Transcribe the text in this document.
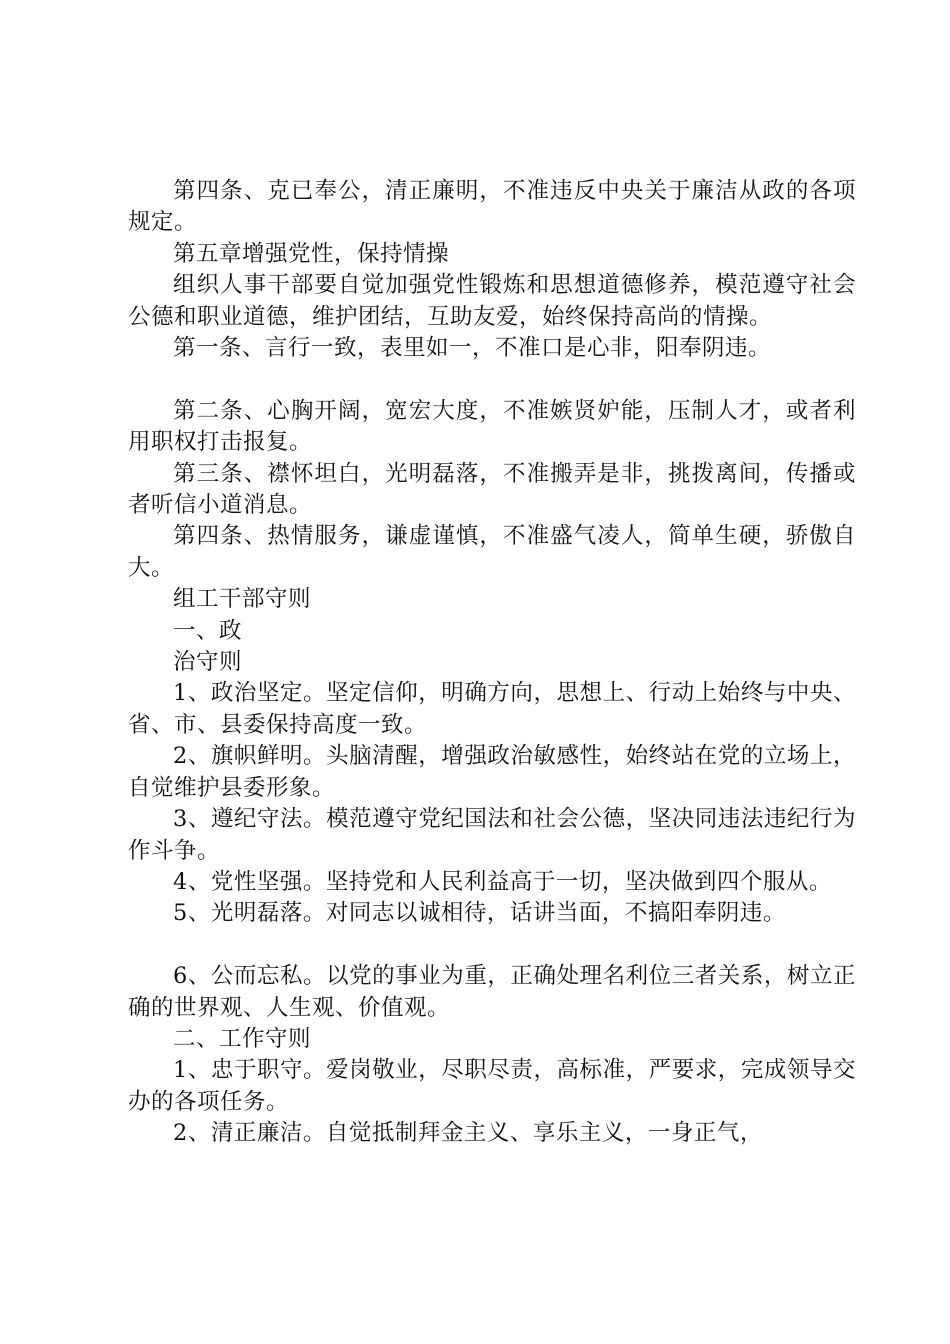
第四条、克已奉公，清正廉明，不准违反中央关于廉洁从政的各项规定。

第五章增强党性，保持情操

组织人事干部要自觉加强党性锻炼和思想道德修养，模范遵守社会公德和职业道德，维护团结，互助友爱，始终保持高尚的情操。

第一条、言行一致，表里如一，不准口是心非，阳奉阴违。

第二条、心胸开阔，宽宏大度，不准嫉贤妒能，压制人才，或者利用职权打击报复。

第三条、襟怀坦白，光明磊落，不准搬弄是非，挑拨离间，传播或者听信小道消息。

第四条、热情服务，谦虚谨慎，不准盛气凌人，简单生硬，骄傲自大。

组工干部守则

一、政

治守则

1、政治坚定。坚定信仰，明确方向，思想上、行动上始终与中央、省、市、县委保持高度一致。

2、旗帜鲜明。头脑清醒，增强政治敏感性，始终站在党的立场上，自觉维护县委形象。

3、遵纪守法。模范遵守党纪国法和社会公德，坚决同违法违纪行为作斗争。

4、党性坚强。坚持党和人民利益高于一切，坚决做到四个服从。

5、光明磊落。对同志以诚相待，话讲当面，不搞阳奉阴违。

6、公而忘私。以党的事业为重，正确处理名利位三者关系，树立正确的世界观、人生观、价值观。

二、工作守则

1、忠于职守。爱岗敬业，尽职尽责，高标准，严要求，完成领导交办的各项任务。

2、清正廉洁。自觉抵制拜金主义、享乐主义，一身正气，
